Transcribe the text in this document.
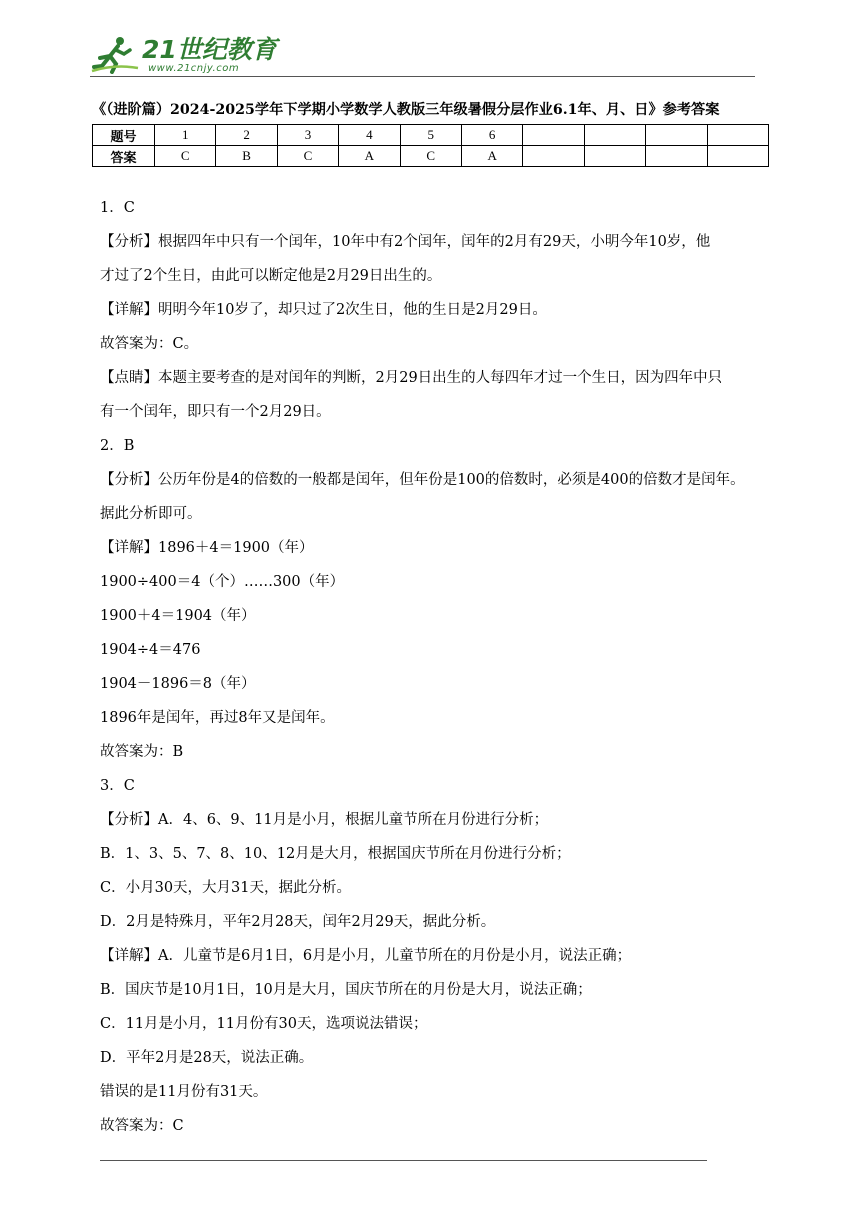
21世纪教育
www.21cnjy.com
《（进阶篇）2024-2025学年下学期小学数学人教版三年级暑假分层作业6.1年、月、日》参考答案
题号	1	2	3	4	5	6				
答案	C	B	C	A	C	A				
1．C
【分析】根据四年中只有一个闰年，10年中有2个闰年，闰年的2月有29天，小明今年10岁，他
才过了2个生日，由此可以断定他是2月29日出生的。
【详解】明明今年10岁了，却只过了2次生日，他的生日是2月29日。
故答案为：C。
【点睛】本题主要考查的是对闰年的判断，2月29日出生的人每四年才过一个生日，因为四年中只
有一个闰年，即只有一个2月29日。
2．B
【分析】公历年份是4的倍数的一般都是闰年，但年份是100的倍数时，必须是400的倍数才是闰年。
据此分析即可。
【详解】1896＋4＝1900（年）
1900÷400＝4（个）……300（年）
1900＋4＝1904（年）
1904÷4＝476
1904－1896＝8（年）
1896年是闰年，再过8年又是闰年。
故答案为：B
3．C
【分析】A．4、6、9、11月是小月，根据儿童节所在月份进行分析；
B．1、3、5、7、8、10、12月是大月，根据国庆节所在月份进行分析；
C．小月30天，大月31天，据此分析。
D．2月是特殊月，平年2月28天，闰年2月29天，据此分析。
【详解】A．儿童节是6月1日，6月是小月，儿童节所在的月份是小月，说法正确；
B．国庆节是10月1日，10月是大月，国庆节所在的月份是大月，说法正确；
C．11月是小月，11月份有30天，选项说法错误；
D．平年2月是28天，说法正确。
错误的是11月份有31天。
故答案为：C
